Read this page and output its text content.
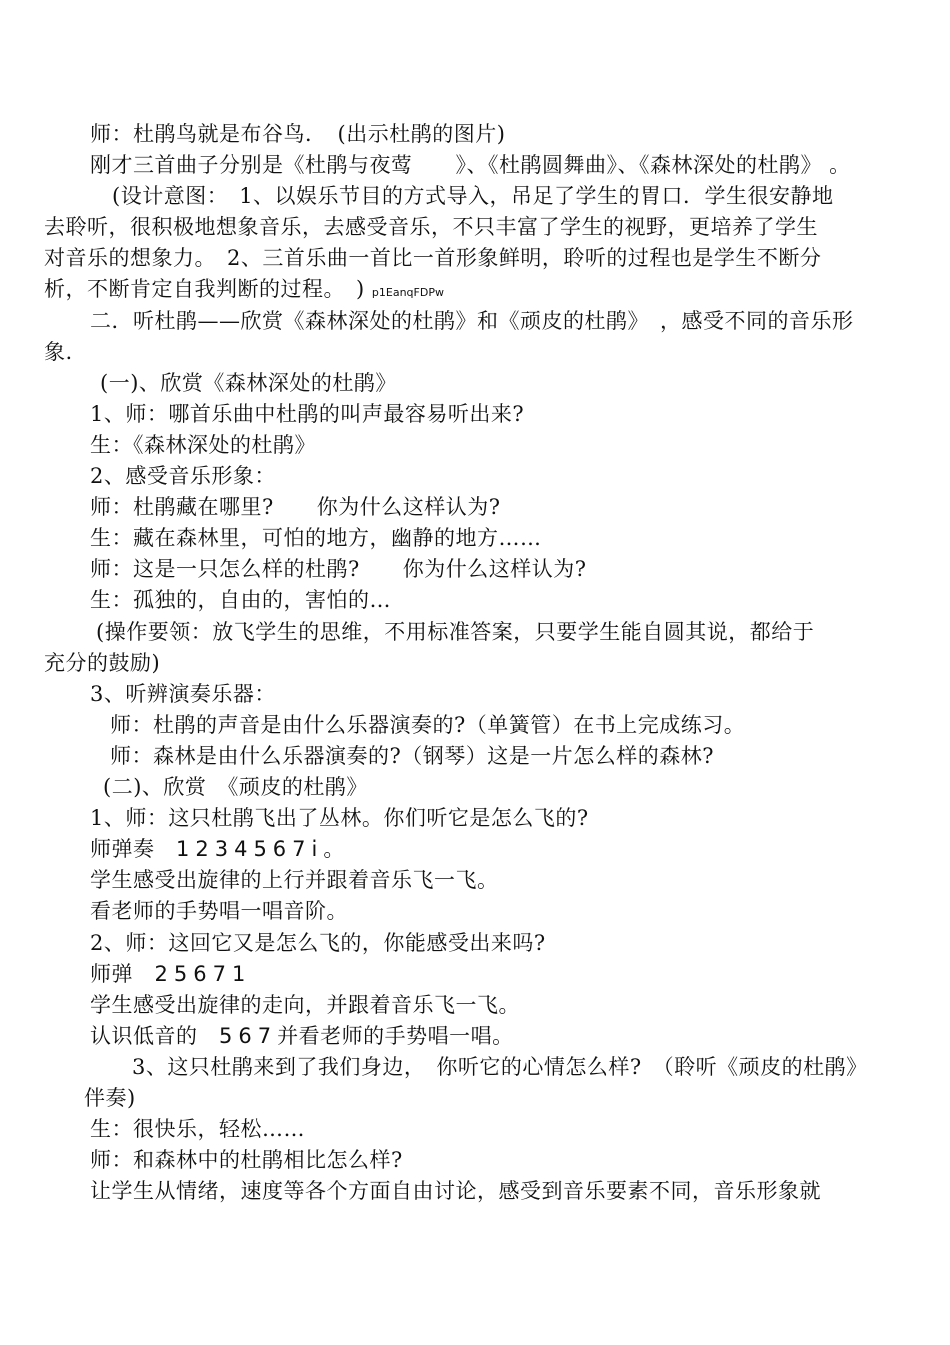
师：杜鹃鸟就是布谷鸟．　(出示杜鹃的图片)
刚才三首曲子分别是《杜鹃与夜莺　　》、《杜鹃圆舞曲》、《森林深处的杜鹃》 。
(设计意图：　1、以娱乐节目的方式导入，吊足了学生的胃口．学生很安静地
去聆听，很积极地想象音乐，去感受音乐，不只丰富了学生的视野，更培养了学生
对音乐的想象力。　2、三首乐曲一首比一首形象鲜明，聆听的过程也是学生不断分
析，不断肯定自我判断的过程。　) p1EanqFDPw
二．听杜鹃——欣赏《森林深处的杜鹃》和《顽皮的杜鹃》　，感受不同的音乐形
象.
(一)、欣赏《森林深处的杜鹃》
1、师：哪首乐曲中杜鹃的叫声最容易听出来?
生：《森林深处的杜鹃》
2、感受音乐形象：
师：杜鹃藏在哪里?　　你为什么这样认为?
生：藏在森林里，可怕的地方，幽静的地方……
师：这是一只怎么样的杜鹃?　　你为什么这样认为?
生：孤独的，自由的，害怕的…
(操作要领：放飞学生的思维，不用标准答案，只要学生能自圆其说，都给于
充分的鼓励)
3、听辨演奏乐器：
师：杜鹃的声音是由什么乐器演奏的?（单簧管）在书上完成练习。
师：森林是由什么乐器演奏的?（钢琴）这是一片怎么样的森林?
(二)、欣赏　《顽皮的杜鹃》
1、师：这只杜鹃飞出了丛林。你们听它是怎么飞的?
师弹奏　 1234567i。
学生感受出旋律的上行并跟着音乐飞一飞。
看老师的手势唱一唱音阶。
2、师：这回它又是怎么飞的，你能感受出来吗?
师弹　 25671
学生感受出旋律的走向，并跟着音乐飞一飞。
认识低音的　 567并看老师的手势唱一唱。
3、这只杜鹃来到了我们身边，　你听它的心情怎么样?　（聆听《顽皮的杜鹃》
伴奏)
生：很快乐，轻松……
师：和森林中的杜鹃相比怎么样?
让学生从情绪，速度等各个方面自由讨论，感受到音乐要素不同，音乐形象就
